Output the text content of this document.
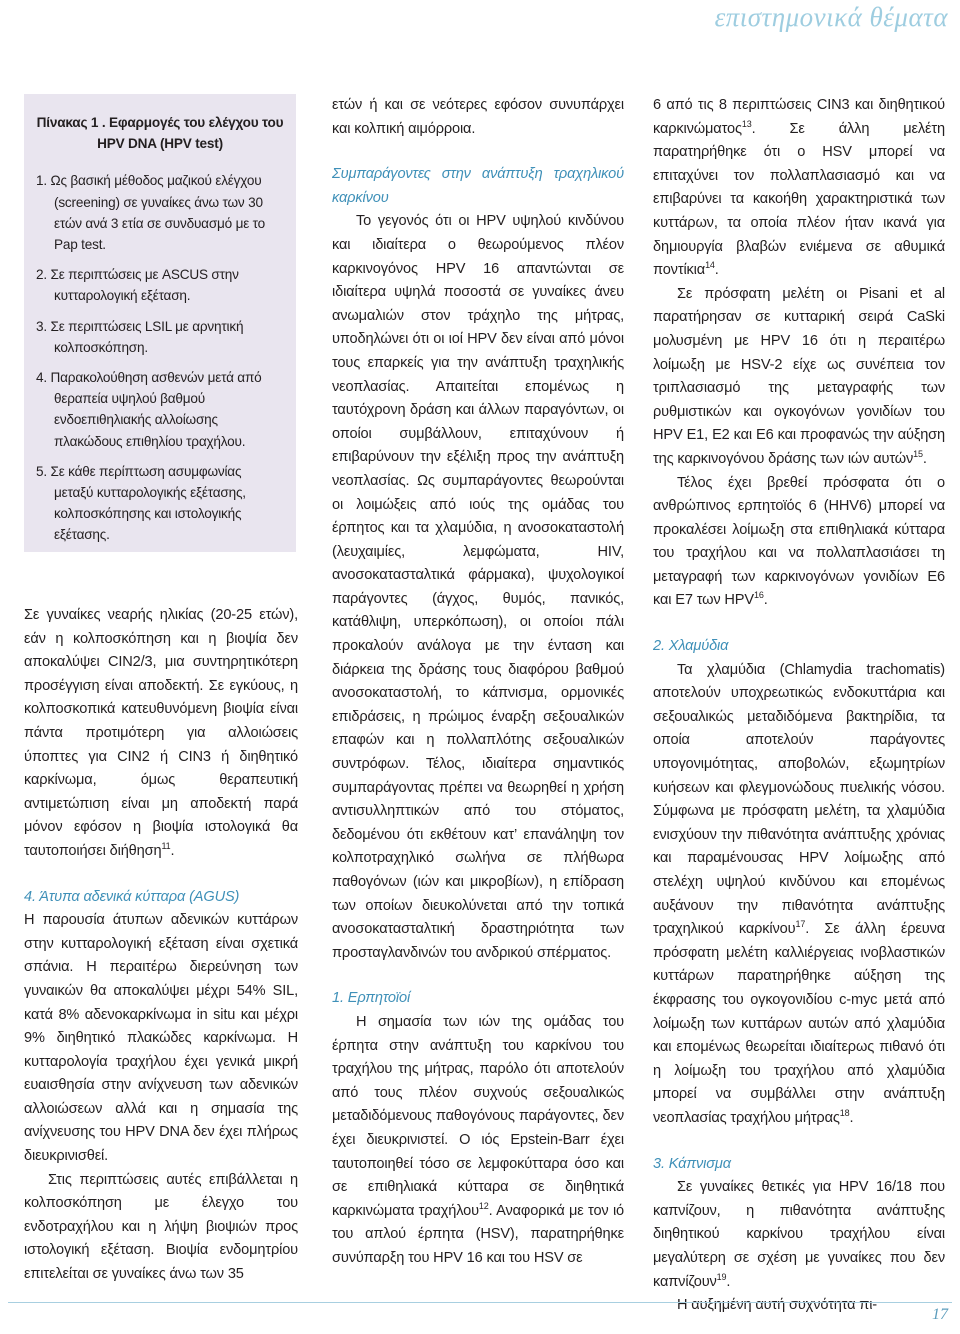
επιστημονικά θέματα
Πίνακας 1 . Εφαρμογές του ελέγχου του HPV DNA (HPV test)
1. Ως βασική μέθοδος μαζικού ελέγχου (screening) σε γυναίκες άνω των 30 ετών ανά 3 ετία σε συνδυασμό με το Pap test.
2. Σε περιπτώσεις με ASCUS στην κυτταρολογική εξέταση.
3. Σε περιπτώσεις LSIL με αρνητική κολποσκόπηση.
4. Παρακολούθηση ασθενών μετά από θεραπεία υψηλού βαθμού ενδοεπιθηλιακής αλλοίωσης πλακώδους επιθηλίου τραχήλου.
5. Σε κάθε περίπτωση ασυμφωνίας μεταξύ κυτταρολογικής εξέτασης, κολποσκόπησης και ιστολογικής εξέτασης.

Σε γυναίκες νεαρής ηλικίας (20-25 ετών), εάν η κολποσκόπηση και η βιοψία δεν αποκαλύψει CIN2/3, μια συντηρητικότερη προσέγγιση είναι αποδεκτή. Σε εγκύους, η κολποσκοπικά κατευθυνόμενη βιοψία είναι πάντα προτιμότερη για αλλοιώσεις ύποπτες για CIN2 ή CIN3 ή διηθητικό καρκίνωμα, όμως θεραπευτική αντιμετώπιση είναι μη αποδεκτή παρά μόνον εφόσον η βιοψία ιστολογικά θα ταυτοποιήσει διήθηση$^{11}$.

4. Άτυπα αδενικά κύτταρα (AGUS)

Η παρουσία άτυπων αδενικών κυττάρων στην κυτταρολογική εξέταση είναι σχετικά σπάνια. Η περαιτέρω διερεύνηση των γυναικών θα αποκαλύψει μέχρι 54% SIL, κατά 8% αδενοκαρκίνωμα in situ και μέχρι 9% διηθητικό πλακώδες καρκίνωμα. Η κυτταρολογία τραχήλου έχει γενικά μικρή ευαισθησία στην ανίχνευση των αδενικών αλλοιώσεων αλλά και η σημασία της ανίχνευσης του HPV DNA δεν έχει πλήρως διευκρινισθεί.

Στις περιπτώσεις αυτές επιβάλλεται η κολποσκόπηση με έλεγχο του ενδοτραχήλου και η λήψη βιοψιών προς ιστολογική εξέταση. Βιοψία ενδομητρίου επιτελείται σε γυναίκες άνω των 35

ετών ή και σε νεότερες εφόσον συνυπάρχει και κολπική αιμόρροια.

Συμπαράγοντες στην ανάπτυξη τραχηλικού καρκίνου

Το γεγονός ότι οι HPV υψηλού κινδύνου και ιδιαίτερα ο θεωρούμενος πλέον καρκινογόνος HPV 16 απαντώνται σε ιδιαίτερα υψηλά ποσοστά σε γυναίκες άνευ ανωμαλιών στον τράχηλο της μήτρας, υποδηλώνει ότι οι ιοί HPV δεν είναι από μόνοι τους επαρκείς για την ανάπτυξη τραχηλικής νεοπλασίας. Απαιτείται επομένως η ταυτόχρονη δράση και άλλων παραγόντων, οι οποίοι συμβάλλουν, επιταχύνουν ή επιβαρύνουν την εξέλιξη προς την ανάπτυξη νεοπλασίας. Ως συμπαράγοντες θεωρούνται οι λοιμώξεις από ιούς της ομάδας του έρπητος και τα χλαμύδια, η ανοσοκαταστολή (λευχαιμίες, λεμφώματα, HIV, ανοσοκατασταλτικά φάρμακα), ψυχολογικοί παράγοντες (άγχος, θυμός, πανικός, κατάθλιψη, υπερκόπωση), οι οποίοι πάλι προκαλούν ανάλογα με την ένταση και διάρκεια της δράσης τους διαφόρου βαθμού ανοσοκαταστολή, το κάπνισμα, ορμονικές επιδράσεις, η πρώιμος έναρξη σεξουαλικών επαφών και η πολλαπλότης σεξουαλικών συντρόφων. Τέλος, ιδιαίτερα σημαντικός συμπαράγοντας πρέπει να θεωρηθεί η χρήση αντισυλληπτικών από του στόματος, δεδομένου ότι εκθέτουν κατ’ επανάληψη τον κολποτραχηλικό σωλήνα σε πλήθωρα παθογόνων (ιών και μικροβίων), η επίδραση των οποίων διευκολύνεται από την τοπικά ανοσοκατασταλτική δραστηριότητα των προσταγλανδινών του ανδρικού σπέρματος.

1. Ερπητοϊοί

Η σημασία των ιών της ομάδας του έρπητα στην ανάπτυξη του καρκίνου του τραχήλου της μήτρας, παρόλο ότι αποτελούν από τους πλέον συχνούς σεξουαλικώς μεταδιδόμενους παθογόνους παράγοντες, δεν έχει διευκρινιστεί. Ο ιός Epstein-Barr έχει ταυτοποιηθεί τόσο σε λεμφοκύτταρα όσο και σε επιθηλιακά κύτταρα σε διηθητικά καρκινώματα τραχήλου$^{12}$. Αναφορικά με τον ιό του απλού έρπητα (HSV), παρατηρήθηκε συνύπαρξη του HPV 16 και του HSV σε

6 από τις 8 περιπτώσεις CIN3 και διηθητικού καρκινώματος$^{13}$. Σε άλλη μελέτη παρατηρήθηκε ότι ο HSV μπορεί να επιταχύνει τον πολλαπλασιασμό και να επιβαρύνει τα κακοήθη χαρακτηριστικά των κυττάρων, τα οποία πλέον ήταν ικανά για δημιουργία βλαβών ενιέμενα σε αθυμικά ποντίκια$^{14}$.

Σε πρόσφατη μελέτη οι Pisani et al παρατήρησαν σε κυτταρική σειρά CaSki μολυσμένη με HPV 16 ότι η περαιτέρω λοίμωξη με HSV-2 είχε ως συνέπεια τον τριπλασιασμό της μεταγραφής των ρυθμιστικών και ογκογόνων γονιδίων του HPV E1, E2 και E6 και προφανώς την αύξηση της καρκινογόνου δράσης των ιών αυτών$^{15}$.

Τέλος έχει βρεθεί πρόσφατα ότι ο ανθρώπινος ερπητοϊός 6 (HHV6) μπορεί να προκαλέσει λοίμωξη στα επιθηλιακά κύτταρα του τραχήλου και να πολλαπλασιάσει τη μεταγραφή των καρκινογόνων γονιδίων E6 και E7 των HPV$^{16}$.

2. Χλαμύδια

Τα χλαμύδια (Chlamydia trachomatis) αποτελούν υποχρεωτικώς ενδοκυττάρια και σεξουαλικώς μεταδιδόμενα βακτηρίδια, τα οποία αποτελούν παράγοντες υπογονιμότητας, αποβολών, εξωμητρίων κυήσεων και φλεγμονώδους πυελικής νόσου. Σύμφωνα με πρόσφατη μελέτη, τα χλαμύδια ενισχύουν την πιθανότητα ανάπτυξης χρόνιας και παραμένουσας HPV λοίμωξης από στελέχη υψηλού κινδύνου και επομένως αυξάνουν την πιθανότητα ανάπτυξης τραχηλικού καρκίνου$^{17}$. Σε άλλη έρευνα πρόσφατη μελέτη καλλιέργειας ινοβλαστικών κυττάρων παρατηρήθηκε αύξηση της έκφρασης του ογκογονιδίου c-myc μετά από λοίμωξη των κυττάρων αυτών από χλαμύδια και επομένως θεωρείται ιδιαίτερως πιθανό ότι η λοίμωξη του τραχήλου από χλαμύδια μπορεί να συμβάλλει στην ανάπτυξη νεοπλασίας τραχήλου μήτρας$^{18}$.

3. Κάπνισμα

Σε γυναίκες θετικές για HPV 16/18 που καπνίζουν, η πιθανότητα ανάπτυξης διηθητικού καρκίνου τραχήλου είναι μεγαλύτερη σε σχέση με γυναίκες που δεν καπνίζουν$^{19}$.

Η αυξημένη αυτή συχνότητα πι-

17
